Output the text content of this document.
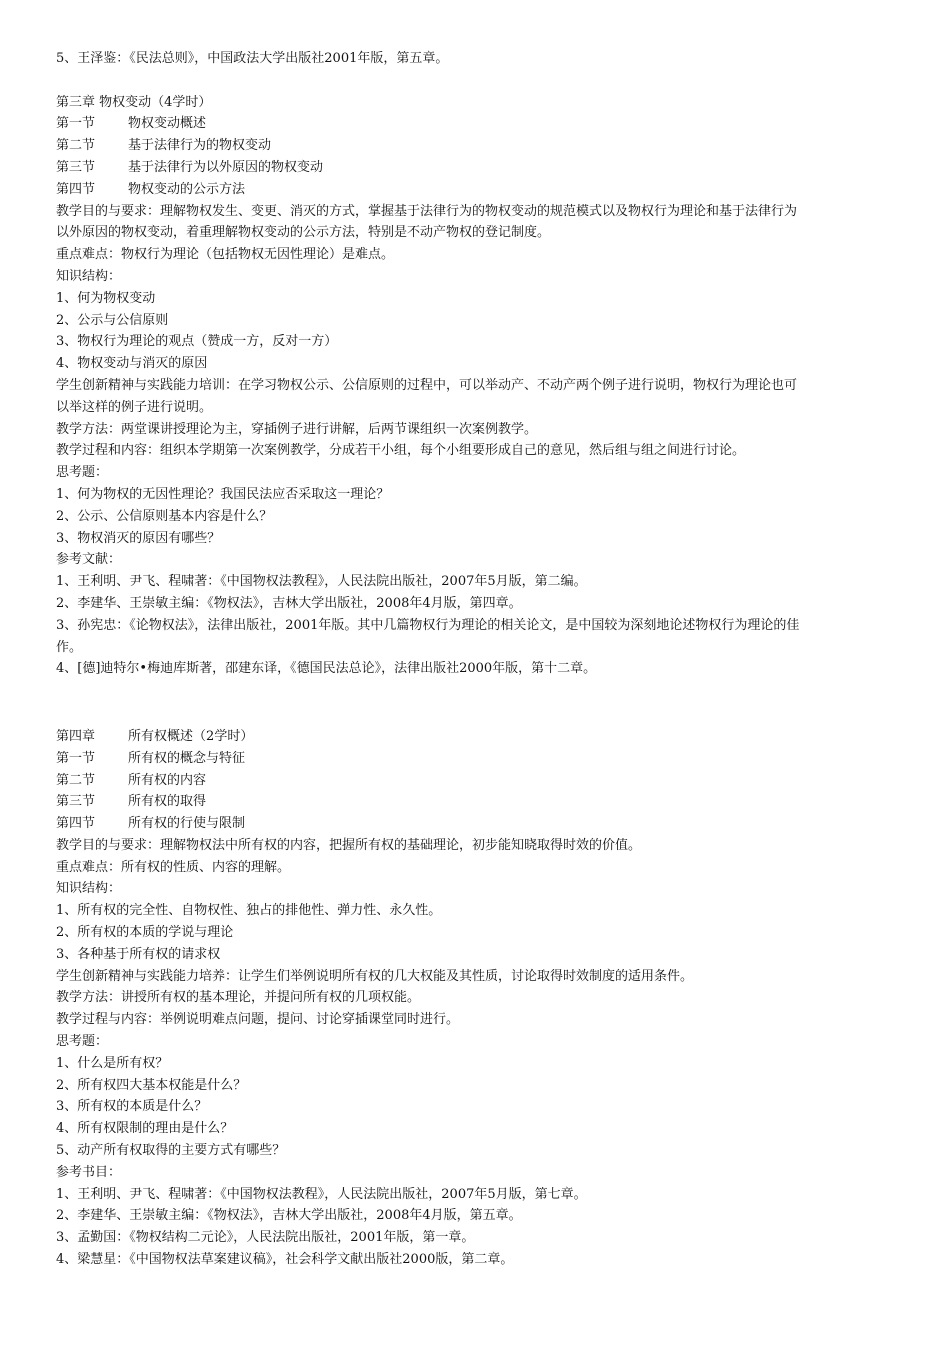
5、王泽鉴：《民法总则》，中国政法大学出版社2001年版，第五章。

第三章 物权变动（4学时）

第一节	物权变动概述
第二节	基于法律行为的物权变动
第三节	基于法律行为以外原因的物权变动
第四节	物权变动的公示方法

教学目的与要求：理解物权发生、变更、消灭的方式，掌握基于法律行为的物权变动的规范模式以及物权行为理论和基于法律行为

以外原因的物权变动，着重理解物权变动的公示方法，特别是不动产物权的登记制度。

重点难点：物权行为理论（包括物权无因性理论）是难点。

知识结构：

1、何为物权变动

2、公示与公信原则

3、物权行为理论的观点（赞成一方，反对一方）

4、物权变动与消灭的原因

学生创新精神与实践能力培训：在学习物权公示、公信原则的过程中，可以举动产、不动产两个例子进行说明，物权行为理论也可

以举这样的例子进行说明。

教学方法：两堂课讲授理论为主，穿插例子进行讲解，后两节课组织一次案例教学。

教学过程和内容：组织本学期第一次案例教学，分成若干小组，每个小组要形成自己的意见，然后组与组之间进行讨论。

思考题：

1、何为物权的无因性理论？我国民法应否采取这一理论？

2、公示、公信原则基本内容是什么？

3、物权消灭的原因有哪些？

参考文献：

1、王利明、尹飞、程啸著：《中国物权法教程》，人民法院出版社，2007年5月版，第二编。

2、李建华、王崇敏主编：《物权法》，吉林大学出版社，2008年4月版，第四章。

3、孙宪忠：《论物权法》，法律出版社，2001年版。其中几篇物权行为理论的相关论文，是中国较为深刻地论述物权行为理论的佳

作。

4、[德]迪特尔•梅迪库斯著，邵建东译，《德国民法总论》，法律出版社2000年版，第十二章。

第四章        所有权概述（2学时）

第一节	所有权的概念与特征
第二节	所有权的内容
第三节	所有权的取得
第四节	所有权的行使与限制

教学目的与要求：理解物权法中所有权的内容，把握所有权的基础理论，初步能知晓取得时效的价值。

重点难点：所有权的性质、内容的理解。

知识结构：

1、所有权的完全性、自物权性、独占的排他性、弹力性、永久性。

2、所有权的本质的学说与理论

3、各种基于所有权的请求权

学生创新精神与实践能力培养：让学生们举例说明所有权的几大权能及其性质，讨论取得时效制度的适用条件。

教学方法：讲授所有权的基本理论，并提问所有权的几项权能。

教学过程与内容：举例说明难点问题，提问、讨论穿插课堂同时进行。

思考题：

1、什么是所有权？

2、所有权四大基本权能是什么？

3、所有权的本质是什么？

4、所有权限制的理由是什么？

5、动产所有权取得的主要方式有哪些？

参考书目：

1、王利明、尹飞、程啸著：《中国物权法教程》，人民法院出版社，2007年5月版，第七章。

2、李建华、王崇敏主编：《物权法》，吉林大学出版社，2008年4月版，第五章。

3、孟勤国：《物权结构二元论》，人民法院出版社，2001年版，第一章。

4、梁慧星：《中国物权法草案建议稿》，社会科学文献出版社2000版，第二章。
